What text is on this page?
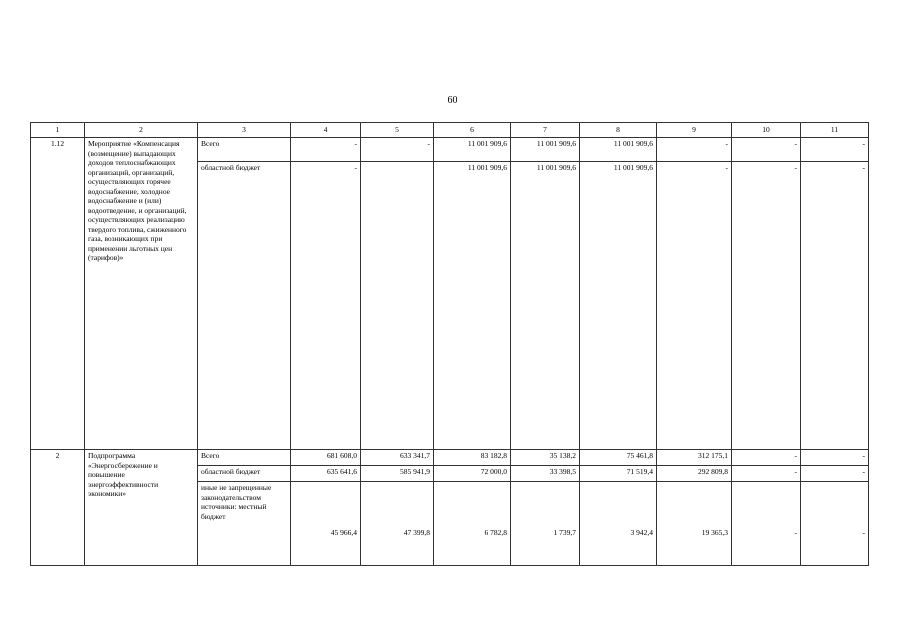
60
1	2	3	4	5	6	7	8	9	10	11
1.12	Мероприятие «Компенсация (возмещение) выпадающих доходов теплоснабжающих организаций, организаций, осуществляющих горячее водоснабжение, холодное водоснабжение и (или) водоотведение, и организаций, осуществляющих реализацию твердого топлива, сжиженного газа, возникающих при применении льготных цен (тарифов)»	Всего	-	-	11 001 909,6	11 001 909,6	11 001 909,6	-	-	-
		областной бюджет	-		11 001 909,6	11 001 909,6	11 001 909,6	-	-	-
2	Подпрограмма «Энергосбережение и повышение энергоэффективности экономики»	Всего	681 608,0	633 341,7	83 182,8	35 138,2	75 461,8	312 175,1	-	-
		областной бюджет	635 641,6	585 941,9	72 000,0	33 398,5	71 519,4	292 809,8	-	-

		иные не запрещенные законодательством источники: местный бюджет	45 966,4	47 399,8	6 782,8	1 739,7	3 942,4	19 365,3	-	-
